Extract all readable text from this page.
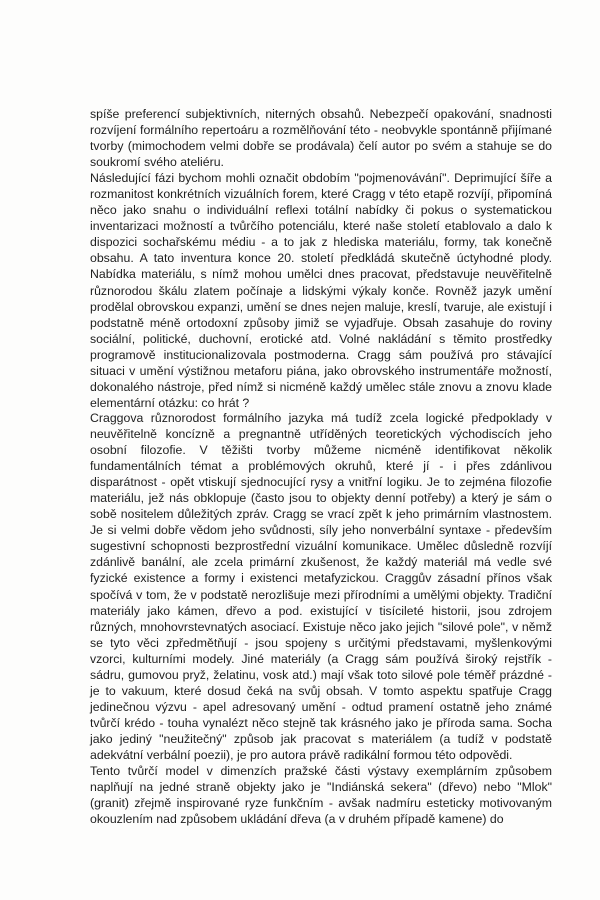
spíše preferencí subjektivních, niterných obsahů. Nebezpečí opakování, snadnosti rozvíjení formálního repertoáru a rozmělňování této - neobvykle spontánně přijímané tvorby (mimochodem velmi dobře se prodávala) čelí autor po svém a stahuje se do soukromí svého ateliéru.

Následující fázi bychom mohli označit obdobím "pojmenovávání". Deprimující šíře a rozmanitost konkrétních vizuálních forem, které Cragg v této etapě rozvíjí, připomíná něco jako snahu o individuální reflexi totální nabídky či pokus o systematickou inventarizaci možností a tvůrčího potenciálu, které naše století etablovalo a dalo k dispozici sochařskému médiu - a to jak z hlediska materiálu, formy, tak konečně obsahu. A tato inventura konce 20. století předkládá skutečně úctyhodné plody. Nabídka materiálu, s nímž mohou umělci dnes pracovat, představuje neuvěřitelně různorodou škálu zlatem počínaje a lidskými výkaly konče. Rovněž jazyk umění prodělal obrovskou expanzi, umění se dnes nejen maluje, kreslí, tvaruje, ale existují i podstatně méně ortodoxní způsoby jimiž se vyjadřuje. Obsah zasahuje do roviny sociální, politické, duchovní, erotické atd. Volné nakládání s těmito prostředky programově institucionalizovala postmoderna. Cragg sám používá pro stávající situaci v umění výstižnou metaforu piána, jako obrovského instrumentáře možností, dokonalého nástroje, před nímž si nicméně každý umělec stále znovu a znovu klade elementární otázku: co hrát ?

Craggova různorodost formálního jazyka má tudíž zcela logické předpoklady v neuvěřitelně koncízně a pregnantně utříděných teoretických východiscích jeho osobní filozofie. V těžišti tvorby můžeme nicméně identifikovat několik fundamentálních témat a problémových okruhů, které jí - i přes zdánlivou disparátnost - opět vtiskují sjednocující rysy a vnitřní logiku. Je to zejména filozofie materiálu, jež nás obklopuje (často jsou to objekty denní potřeby) a který je sám o sobě nositelem důležitých zpráv. Cragg se vrací zpět k jeho primárním vlastnostem. Je si velmi dobře vědom jeho svůdnosti, síly jeho nonverbální syntaxe - především sugestivní schopnosti bezprostřední vizuální komunikace. Umělec důsledně rozvíjí zdánlivě banální, ale zcela primární zkušenost, že každý materiál má vedle své fyzické existence a formy i existenci metafyzickou. Craggův zásadní přínos však spočívá v tom, že v podstatě nerozlišuje mezi přírodními a umělými objekty. Tradiční materiály jako kámen, dřevo a pod. existující v tisícileté historii, jsou zdrojem různých, mnohovrstevnatých asociací. Existuje něco jako jejich "silové pole", v němž se tyto věci zpředmětňují - jsou spojeny s určitými představami, myšlenkovými vzorci, kulturními modely. Jiné materiály (a Cragg sám používá široký rejstřík - sádru, gumovou pryž, želatinu, vosk atd.) mají však toto silové pole téměř prázdné - je to vakuum, které dosud čeká na svůj obsah. V tomto aspektu spatřuje Cragg jedinečnou výzvu - apel adresovaný umění - odtud pramení ostatně jeho známé tvůrčí krédo - touha vynalézt něco stejně tak krásného jako je příroda sama. Socha jako jediný "neužitečný" způsob jak pracovat s materiálem (a tudíž v podstatě adekvátní verbální poezii), je pro autora právě radikální formou této odpovědi.

Tento tvůrčí model v dimenzích pražské části výstavy exemplárním způsobem naplňují na jedné straně objekty jako je "Indiánská sekera" (dřevo) nebo "Mlok" (granit) zřejmě inspirované ryze funkčním - avšak nadmíru esteticky motivovaným okouzlením nad způsobem ukládání dřeva (a v druhém případě kamene) do
